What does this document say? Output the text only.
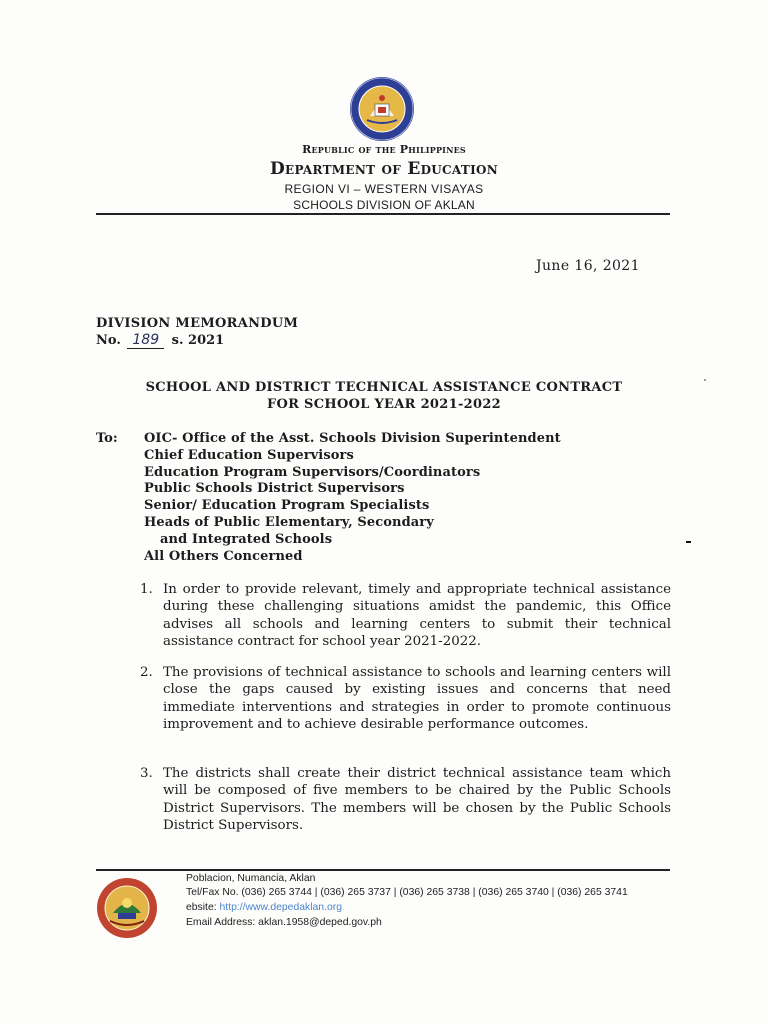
Republic of the Philippines
Department of Education
REGION VI – WESTERN VISAYAS
SCHOOLS DIVISION OF AKLAN
June 16, 2021
DIVISION MEMORANDUM
No. 189 s. 2021
SCHOOL AND DISTRICT TECHNICAL ASSISTANCE CONTRACT
FOR SCHOOL YEAR 2021-2022
To: OIC- Office of the Asst. Schools Division Superintendent
Chief Education Supervisors
Education Program Supervisors/Coordinators
Public Schools District Supervisors
Senior/ Education Program Specialists
Heads of Public Elementary, Secondary
and Integrated Schools
All Others Concerned
1. In order to provide relevant, timely and appropriate technical assistance during these challenging situations amidst the pandemic, this Office advises all schools and learning centers to submit their technical assistance contract for school year 2021-2022.
2. The provisions of technical assistance to schools and learning centers will close the gaps caused by existing issues and concerns that need immediate interventions and strategies in order to promote continuous improvement and to achieve desirable performance outcomes.
3. The districts shall create their district technical assistance team which will be composed of five members to be chaired by the Public Schools District Supervisors. The members will be chosen by the Public Schools District Supervisors.
Poblacion, Numancia, Aklan
Tel/Fax No. (036) 265 3744 | (036) 265 3737 | (036) 265 3738 | (036) 265 3740 | (036) 265 3741
ebsite: http://www.depedaklan.org
Email Address: aklan.1958@deped.gov.ph
